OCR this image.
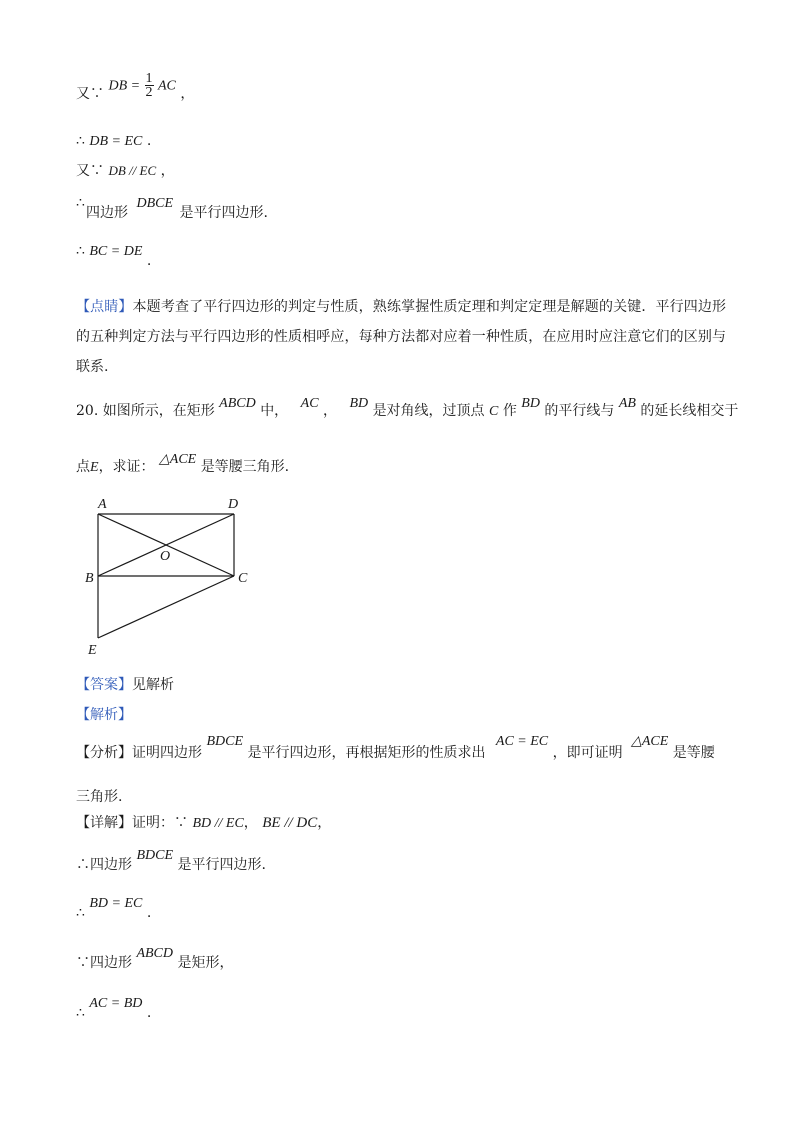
又∵ DB = $\frac{1}{2}$ AC ，
∴ DB = EC .
又∵ DB // EC ，
∴
四边形 DBCE 是平行四边形.
∴ BC = DE .
【点睛】本题考查了平行四边形的判定与性质，熟练掌握性质定理和判定定理是解题的关键．平行四边形的五种判定方法与平行四边形的性质相呼应，每种方法都对应着一种性质，在应用时应注意它们的区别与联系.
20. 如图所示，在矩形 ABCD 中， AC ， BD 是对角线，过顶点 C 作 BD 的平行线与 AB 的延长线相交于
点E，求证： △ACE 是等腰三角形.
A	D
O
B	C
E
【答案】见解析
【解析】
【分析】证明四边形 BDCE 是平行四边形，再根据矩形的性质求出 AC = EC ，即可证明 △ACE 是等腰
三角形.
【详解】证明：∵ BD // EC， BE // DC，
∴四边形 BDCE 是平行四边形.
∴ BD = EC .
∵四边形 ABCD 是矩形，
∴ AC = BD .
